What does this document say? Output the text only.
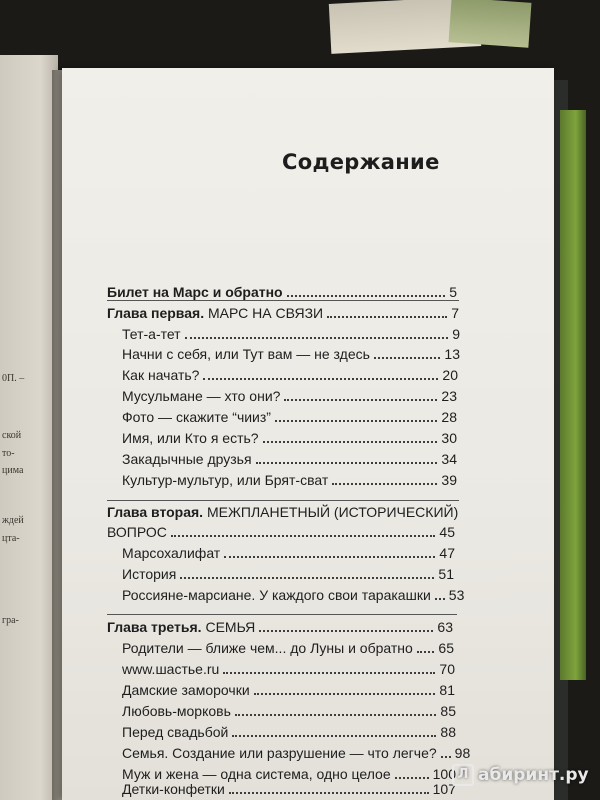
ской
то-
цима
ждей
цта-
гра-
0П. –
Содержание
Билет на Марс и обратно	5
Глава первая. МАРС НА СВЯЗИ	7
Тет-а-тет	9
Начни с себя, или Тут вам — не здесь	13
Как начать?	20
Мусульмане — хто они?	23
Фото — скажите “чииз”	28
Имя, или Кто я есть?	30
Закадычные друзья	34
Культур-мультур, или Брят-сват	39
Глава вторая. МЕЖПЛАНЕТНЫЙ (ИСТОРИЧЕСКИЙ)
ВОПРОС	45
Марсохалифат	47
История	51
Россияне-марсиане. У каждого свои таракашки 53
Глава третья. СЕМЬЯ	63
Родители — ближе чем... до Луны и обратно 65
www.шастье.ru	70
Дамские заморочки	81
Любовь-морковь	85
Перед свадьбой	88
Семья. Создание или разрушение — что легче? 98
Муж и жена — одна система, одно целое	100
Детки-конфетки	107
Л абиринт.ру
